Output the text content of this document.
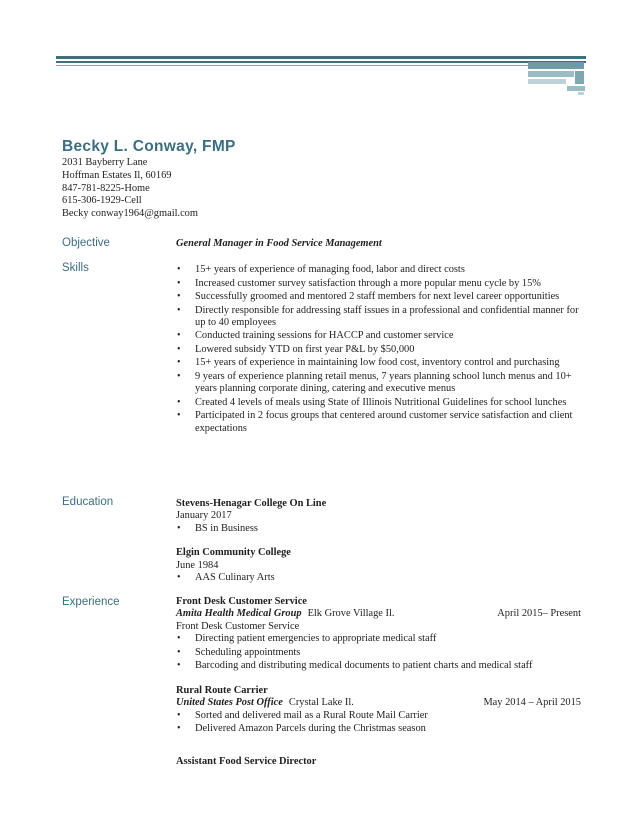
Becky L. Conway, FMP
2031 Bayberry Lane
Hoffman Estates Il, 60169
847-781-8225-Home
615-306-1929-Cell
Becky conway1964@gmail.com
Objective	General Manager in Food Service Management
Skills
•	15+ years of experience of managing food, labor and direct costs
• Increased customer survey satisfaction through a more popular menu cycle by 15%
• Successfully groomed and mentored 2 staff members for next level career opportunities
• Directly responsible for addressing staff issues in a professional and confidential manner for up to 40 employees
• Conducted training sessions for HACCP and customer service
• Lowered subsidy YTD on first year P&L by $50,000
• 15+ years of experience in maintaining low food cost, inventory control and purchasing
• 9 years of experience planning retail menus, 7 years planning school lunch menus and 10+ years planning corporate dining, catering and executive menus
• Created 4 levels of meals using State of Illinois Nutritional Guidelines for school lunches
• Participated in 2 focus groups that centered around customer service satisfaction and client expectations
Education	Stevens-Henagar College On Line
January 2017
• BS in Business
Elgin Community College
June 1984
• AAS Culinary Arts
Experience	Front Desk Customer Service
Amita Health Medical Group Elk Grove Village Il.	April 2015– Present
Front Desk Customer Service
• Directing patient emergencies to appropriate medical staff
• Scheduling appointments
• Barcoding and distributing medical documents to patient charts and medical staff
Rural Route Carrier
United States Post Office Crystal Lake Il.	May 2014 – April 2015
• Sorted and delivered mail as a Rural Route Mail Carrier
• Delivered Amazon Parcels during the Christmas season
Assistant Food Service Director
